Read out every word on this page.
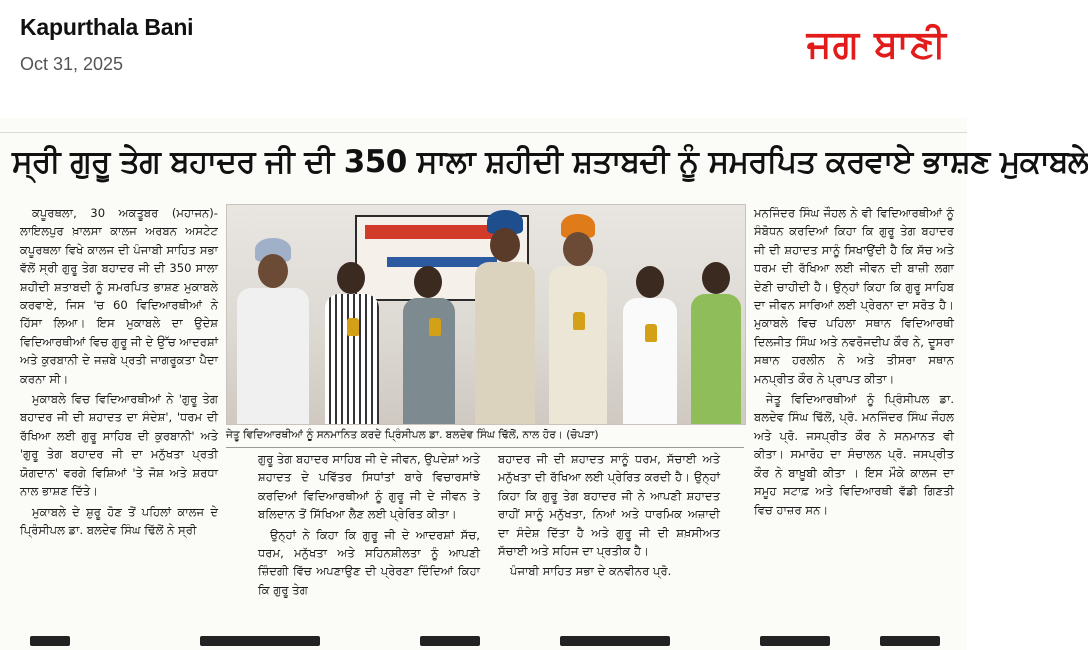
Kapurthala Bani
Oct 31, 2025	ਜਗ ਬਾਣੀ
ਸ੍ਰੀ ਗੁਰੂ ਤੇਗ ਬਹਾਦਰ ਜੀ ਦੀ 350 ਸਾਲਾ ਸ਼ਹੀਦੀ ਸ਼ਤਾਬਦੀ ਨੂੰ ਸਮਰਪਿਤ ਕਰਵਾਏ ਭਾਸ਼ਣ ਮੁਕਾਬਲੇ

ਕਪੂਰਥਲਾ, 30 ਅਕਤੂਬਰ (ਮਹਾਜਨ)-ਲਾਇਲਪੁਰ ਖ਼ਾਲਸਾ ਕਾਲਜ ਅਰਬਨ ਅਸਟੇਟ ਕਪੂਰਥਲਾ ਵਿਖੇ ਕਾਲਜ ਦੀ ਪੰਜਾਬੀ ਸਾਹਿਤ ਸਭਾ ਵੱਲੋਂ ਸ੍ਰੀ ਗੁਰੂ ਤੇਗ ਬਹਾਦਰ ਜੀ ਦੀ 350 ਸਾਲਾ ਸ਼ਹੀਦੀ ਸ਼ਤਾਬਦੀ ਨੂੰ ਸਮਰਪਿਤ ਭਾਸ਼ਣ ਮੁਕਾਬਲੇ ਕਰਵਾਏ, ਜਿਸ 'ਚ 60 ਵਿਦਿਆਰਥੀਆਂ ਨੇ ਹਿੱਸਾ ਲਿਆ। ਇਸ ਮੁਕਾਬਲੇ ਦਾ ਉਦੇਸ਼ ਵਿਦਿਆਰਥੀਆਂ ਵਿਚ ਗੁਰੂ ਜੀ ਦੇ ਉੱਚ ਆਦਰਸ਼ਾਂ ਅਤੇ ਕੁਰਬਾਨੀ ਦੇ ਜਜ਼ਬੇ ਪ੍ਰਤੀ ਜਾਗਰੂਕਤਾ ਪੈਦਾ ਕਰਨਾ ਸੀ।

ਮੁਕਾਬਲੇ ਵਿਚ ਵਿਦਿਆਰਥੀਆਂ ਨੇ 'ਗੁਰੂ ਤੇਗ ਬਹਾਦਰ ਜੀ ਦੀ ਸ਼ਹਾਦਤ ਦਾ ਸੰਦੇਸ਼', 'ਧਰਮ ਦੀ ਰੱਖਿਆ ਲਈ ਗੁਰੂ ਸਾਹਿਬ ਦੀ ਕੁਰਬਾਨੀ' ਅਤੇ 'ਗੁਰੂ ਤੇਗ ਬਹਾਦਰ ਜੀ ਦਾ ਮਨੁੱਖਤਾ ਪ੍ਰਤੀ ਯੋਗਦਾਨ' ਵਰਗੇ ਵਿਸ਼ਿਆਂ 'ਤੇ ਜੋਸ਼ ਅਤੇ ਸ਼ਰਧਾ ਨਾਲ ਭਾਸ਼ਣ ਦਿੱਤੇ।

ਮੁਕਾਬਲੇ ਦੇ ਸ਼ੁਰੂ ਹੋਣ ਤੋਂ ਪਹਿਲਾਂ ਕਾਲਜ ਦੇ ਪ੍ਰਿੰਸੀਪਲ ਡਾ. ਬਲਦੇਵ ਸਿੰਘ ਢਿੱਲੋਂ ਨੇ ਸ੍ਰੀ

ਜੇਤੂ ਵਿਦਿਆਰਥੀਆਂ ਨੂੰ ਸਨਮਾਨਿਤ ਕਰਦੇ ਪ੍ਰਿੰਸੀਪਲ ਡਾ. ਬਲਦੇਵ ਸਿੰਘ ਢਿੱਲੋਂ, ਨਾਲ ਹੋਰ। (ਚੋਪੜਾ)

ਗੁਰੂ ਤੇਗ ਬਹਾਦਰ ਸਾਹਿਬ ਜੀ ਦੇ ਜੀਵਨ, ਉਪਦੇਸ਼ਾਂ ਅਤੇ ਸ਼ਹਾਦਤ ਦੇ ਪਵਿੱਤਰ ਸਿਧਾਂਤਾਂ ਬਾਰੇ ਵਿਚਾਰਸਾਂਝੇ ਕਰਦਿਆਂ ਵਿਦਿਆਰਥੀਆਂ ਨੂੰ ਗੁਰੂ ਜੀ ਦੇ ਜੀਵਨ ਤੇ ਬਲਿਦਾਨ ਤੋਂ ਸਿੱਖਿਆ ਲੈਣ ਲਈ ਪ੍ਰੇਰਿਤ ਕੀਤਾ।

ਉਨ੍ਹਾਂ ਨੇ ਕਿਹਾ ਕਿ ਗੁਰੂ ਜੀ ਦੇ ਆਦਰਸ਼ਾਂ ਸੱਚ, ਧਰਮ, ਮਨੁੱਖਤਾ ਅਤੇ ਸਹਿਨਸ਼ੀਲਤਾ ਨੂੰ ਆਪਣੀ ਜ਼ਿੰਦਗੀ ਵਿੱਚ ਅਪਣਾਉਣ ਦੀ ਪ੍ਰੇਰਣਾ ਦਿੰਦਿਆਂ ਕਿਹਾ ਕਿ ਗੁਰੂ ਤੇਗ

ਬਹਾਦਰ ਜੀ ਦੀ ਸ਼ਹਾਦਤ ਸਾਨੂੰ ਧਰਮ, ਸੱਚਾਈ ਅਤੇ ਮਨੁੱਖਤਾ ਦੀ ਰੱਖਿਆ ਲਈ ਪ੍ਰੇਰਿਤ ਕਰਦੀ ਹੈ। ਉਨ੍ਹਾਂ ਕਿਹਾ ਕਿ ਗੁਰੂ ਤੇਗ ਬਹਾਦਰ ਜੀ ਨੇ ਆਪਣੀ ਸ਼ਹਾਦਤ ਰਾਹੀਂ ਸਾਨੂੰ ਮਨੁੱਖਤਾ, ਨਿਆਂ ਅਤੇ ਧਾਰਮਿਕ ਅਜ਼ਾਦੀ ਦਾ ਸੰਦੇਸ਼ ਦਿੱਤਾ ਹੈ ਅਤੇ ਗੁਰੂ ਜੀ ਦੀ ਸ਼ਖ਼ਸੀਅਤ ਸੱਚਾਈ ਅਤੇ ਸਹਿਜ ਦਾ ਪ੍ਰਤੀਕ ਹੈ।

ਪੰਜਾਬੀ ਸਾਹਿਤ ਸਭਾ ਦੇ ਕਨਵੀਨਰ ਪ੍ਰੋ.

ਮਨਜਿੰਦਰ ਸਿੰਘ ਜੌਹਲ ਨੇ ਵੀ ਵਿਦਿਆਰਥੀਆਂ ਨੂੰ ਸੰਬੋਧਨ ਕਰਦਿਆਂ ਕਿਹਾ ਕਿ ਗੁਰੂ ਤੇਗ ਬਹਾਦਰ ਜੀ ਦੀ ਸ਼ਹਾਦਤ ਸਾਨੂੰ ਸਿਖਾਉਂਦੀ ਹੈ ਕਿ ਸੱਚ ਅਤੇ ਧਰਮ ਦੀ ਰੱਖਿਆ ਲਈ ਜੀਵਨ ਦੀ ਬਾਜ਼ੀ ਲਗਾ ਦੇਣੀ ਚਾਹੀਦੀ ਹੈ। ਉਨ੍ਹਾਂ ਕਿਹਾ ਕਿ ਗੁਰੂ ਸਾਹਿਬ ਦਾ ਜੀਵਨ ਸਾਰਿਆਂ ਲਈ ਪ੍ਰੇਰਨਾ ਦਾ ਸਰੋਤ ਹੈ। ਮੁਕਾਬਲੇ ਵਿਚ ਪਹਿਲਾ ਸਥਾਨ ਵਿਦਿਆਰਥੀ ਦਿਲਜੀਤ ਸਿੰਘ ਅਤੇ ਨਵਰੋਜਦੀਪ ਕੌਰ ਨੇ, ਦੂਸਰਾ ਸਥਾਨ ਹਰਲੀਨ ਨੇ ਅਤੇ ਤੀਸਰਾ ਸਥਾਨ ਮਨਪ੍ਰੀਤ ਕੌਰ ਨੇ ਪ੍ਰਾਪਤ ਕੀਤਾ।

ਜੇਤੂ ਵਿਦਿਆਰਥੀਆਂ ਨੂੰ ਪ੍ਰਿੰਸੀਪਲ ਡਾ. ਬਲਦੇਵ ਸਿੰਘ ਢਿੱਲੋਂ, ਪ੍ਰੋ. ਮਨਜਿੰਦਰ ਸਿੰਘ ਜੌਹਲ ਅਤੇ ਪ੍ਰੋ. ਜਸਪ੍ਰੀਤ ਕੌਰ ਨੇ ਸਨਮਾਨਤ ਵੀ ਕੀਤਾ। ਸਮਾਰੋਹ ਦਾ ਸੰਚਾਲਨ ਪ੍ਰੋ. ਜਸਪ੍ਰੀਤ ਕੌਰ ਨੇ ਬਾਖ਼ੂਬੀ ਕੀਤਾ । ਇਸ ਮੌਕੇ ਕਾਲਜ ਦਾ ਸਮੂਹ ਸਟਾਫ਼ ਅਤੇ ਵਿਦਿਆਰਥੀ ਵੱਡੀ ਗਿਣਤੀ ਵਿਚ ਹਾਜ਼ਰ ਸਨ।
